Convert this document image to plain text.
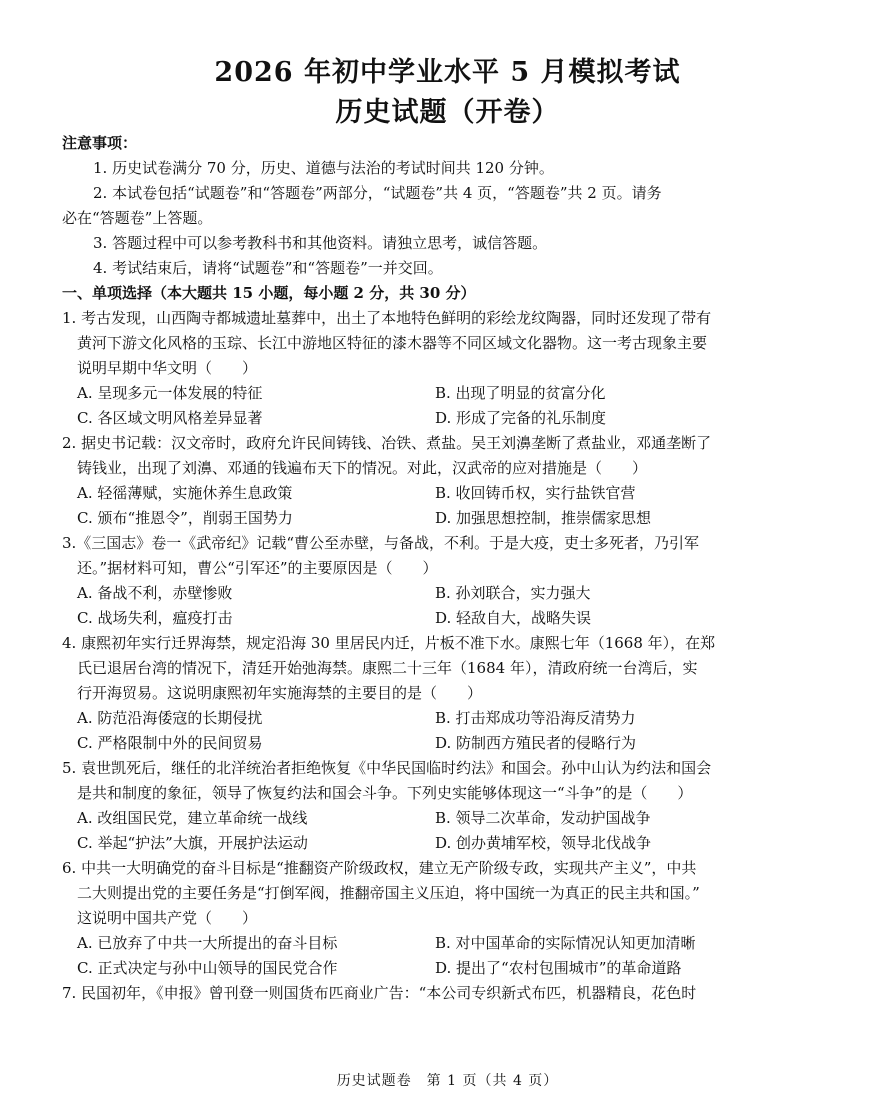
2026 年初中学业水平 5 月模拟考试
历史试题（开卷）
注意事项：
1. 历史试卷满分 70 分，历史、道德与法治的考试时间共 120 分钟。
2. 本试卷包括“试题卷”和“答题卷”两部分，“试题卷”共 4 页，“答题卷”共 2 页。请务
必在“答题卷”上答题。
3. 答题过程中可以参考教科书和其他资料。请独立思考，诚信答题。
4. 考试结束后，请将“试题卷”和“答题卷”一并交回。
一、单项选择（本大题共 15 小题，每小题 2 分，共 30 分）
1. 考古发现，山西陶寺都城遗址墓葬中，出土了本地特色鲜明的彩绘龙纹陶器，同时还发现了带有
黄河下游文化风格的玉琮、长江中游地区特征的漆木器等不同区域文化器物。这一考古现象主要
说明早期中华文明（　　）
A. 呈现多元一体发展的特征	B. 出现了明显的贫富分化
C. 各区域文明风格差异显著	D. 形成了完备的礼乐制度
2. 据史书记载：汉文帝时，政府允许民间铸钱、冶铁、煮盐。吴王刘濞垄断了煮盐业，邓通垄断了
铸钱业，出现了刘濞、邓通的钱遍布天下的情况。对此，汉武帝的应对措施是（　　）
A. 轻徭薄赋，实施休养生息政策	B. 收回铸币权，实行盐铁官营
C. 颁布“推恩令”，削弱王国势力	D. 加强思想控制，推崇儒家思想
3.《三国志》卷一《武帝纪》记载“曹公至赤壁，与备战，不利。于是大疫，吏士多死者，乃引军
还。”据材料可知，曹公“引军还”的主要原因是（　　）
A. 备战不利，赤壁惨败	B. 孙刘联合，实力强大
C. 战场失利，瘟疫打击	D. 轻敌自大，战略失误
4. 康熙初年实行迁界海禁，规定沿海 30 里居民内迁，片板不准下水。康熙七年（1668 年），在郑
氏已退居台湾的情况下，清廷开始弛海禁。康熙二十三年（1684 年），清政府统一台湾后，实
行开海贸易。这说明康熙初年实施海禁的主要目的是（　　）
A. 防范沿海倭寇的长期侵扰	B. 打击郑成功等沿海反清势力
C. 严格限制中外的民间贸易	D. 防制西方殖民者的侵略行为
5. 袁世凯死后，继任的北洋统治者拒绝恢复《中华民国临时约法》和国会。孙中山认为约法和国会
是共和制度的象征，领导了恢复约法和国会斗争。下列史实能够体现这一“斗争”的是（　　）
A. 改组国民党，建立革命统一战线	B. 领导二次革命，发动护国战争
C. 举起“护法”大旗，开展护法运动	D. 创办黄埔军校，领导北伐战争
6. 中共一大明确党的奋斗目标是“推翻资产阶级政权，建立无产阶级专政，实现共产主义”，中共
二大则提出党的主要任务是“打倒军阀，推翻帝国主义压迫，将中国统一为真正的民主共和国。”
这说明中国共产党（　　）
A. 已放弃了中共一大所提出的奋斗目标	B. 对中国革命的实际情况认知更加清晰
C. 正式决定与孙中山领导的国民党合作	D. 提出了“农村包围城市”的革命道路
7. 民国初年，《申报》曾刊登一则国货布匹商业广告：“本公司专织新式布匹，机器精良，花色时
历史试题卷　第 1 页（共 4 页）
